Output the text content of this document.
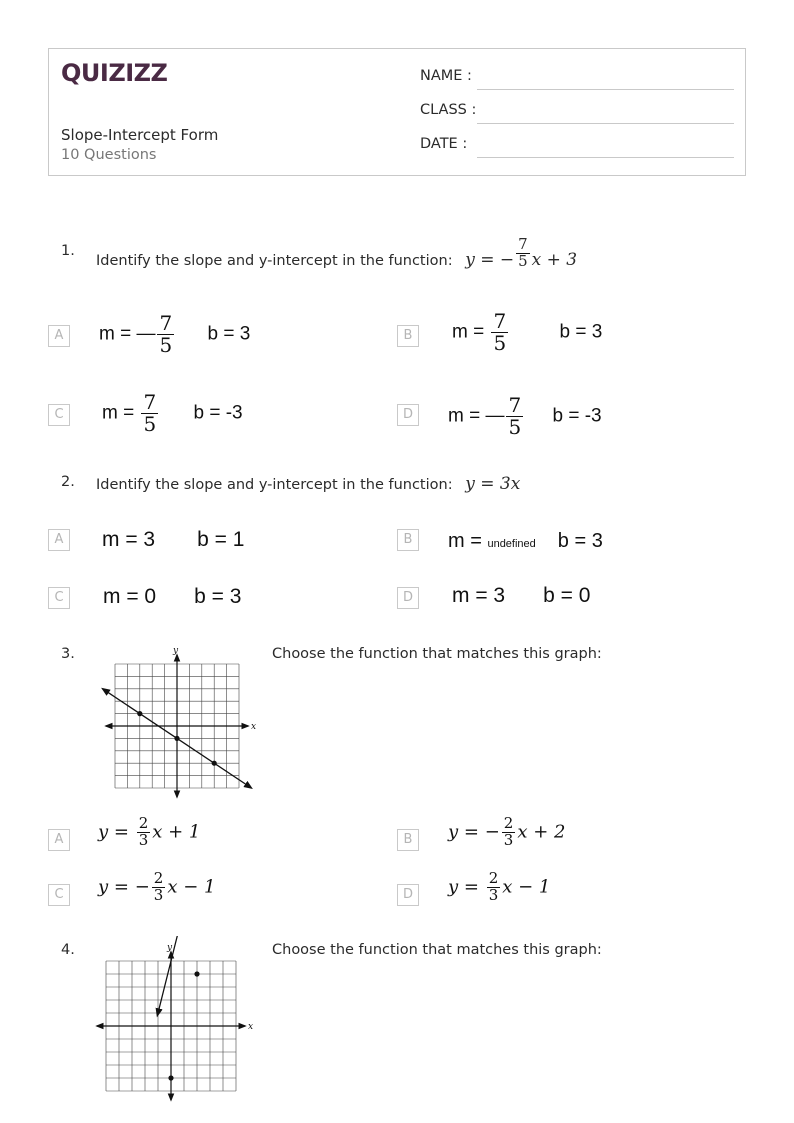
QUIZIZZ
Slope-Intercept Form
10 Questions
NAME :
CLASS :
DATE :
1.
Identify the slope and y-intercept in the function: y = − $\frac{7}{5}$ x + 3
A	m = — $\frac{7}{5}$ b = 3	B	$m = \frac{7}{5}$	b = 3
C	$m = \frac{7}{5}$ b = -3	D	m = — $\frac{7}{5}$ b = -3
2. Identify the slope and y-intercept in the function: y = 3x
A	m = 3 b = 1	B	m = undefined b = 3
C	m = 0 b = 3	D m = 3 b = 0
3.	Choose the function that matches this graph:
x
y
A	$y = \frac{2}{3}$ x + 1	B	y = − $\frac{2}{3}$ x + 2
C	y = − $\frac{2}{3}$ x − 1	D	$y = \frac{2}{3}$ x − 1
4.	Choose the function that matches this graph:
x
y
